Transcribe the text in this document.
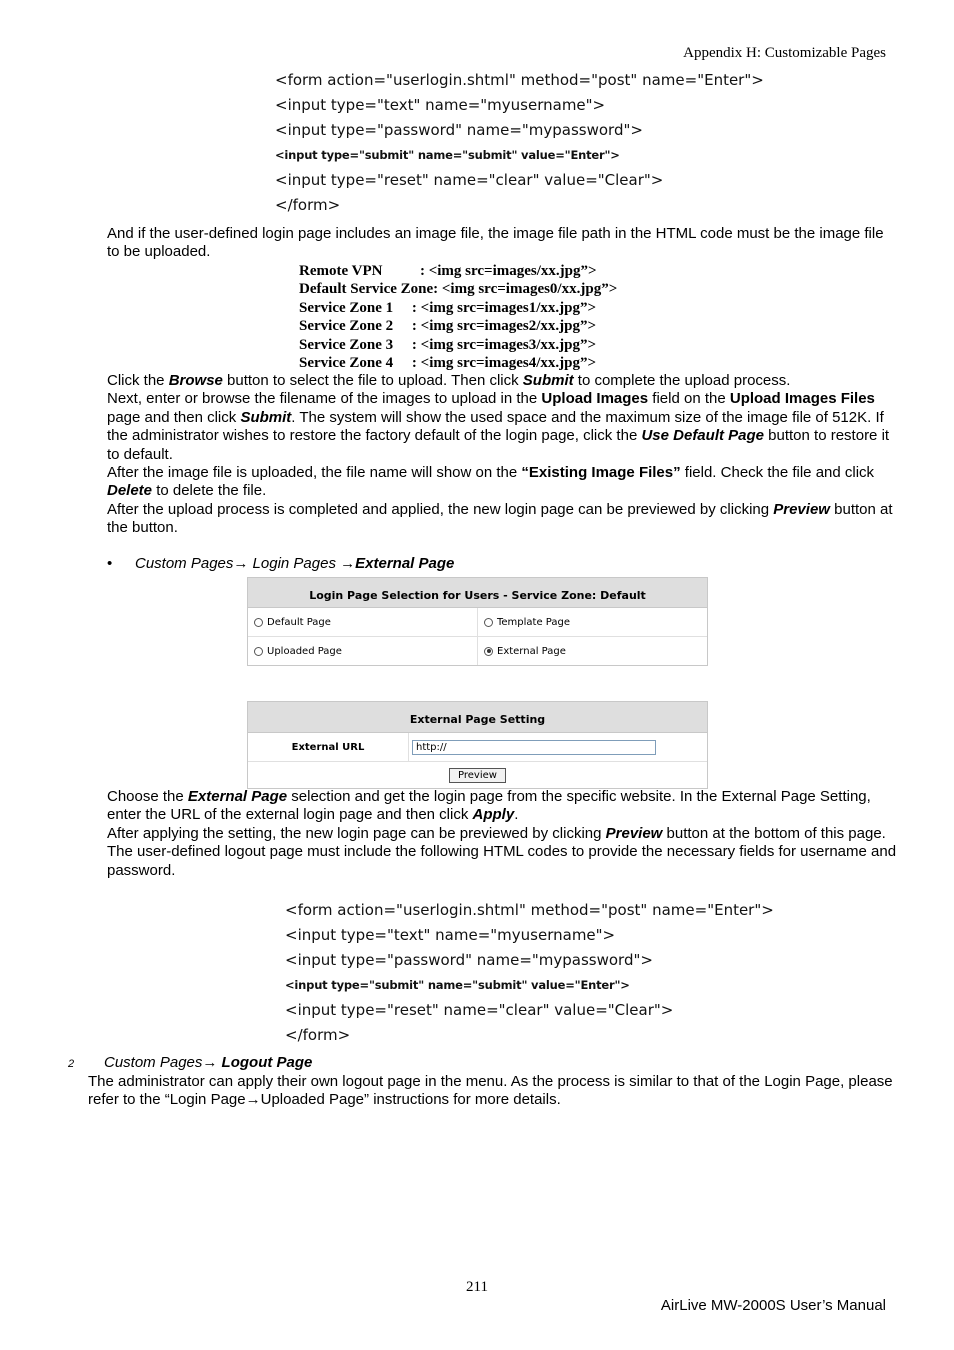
Appendix H: Customizable Pages
<form action="userlogin.shtml" method="post" name="Enter">
<input type="text" name="myusername">
<input type="password" name="mypassword">
<input type="submit" name="submit" value="Enter">
<input type="reset" name="clear" value="Clear">
</form>

And if the user-defined login page includes an image file, the image file path in the HTML code must be the image file to be uploaded.

Remote VPN          : <img src=images/xx.jpg”>
Default Service Zone: <img src=images0/xx.jpg”>
Service Zone 1     : <img src=images1/xx.jpg”>
Service Zone 2     : <img src=images2/xx.jpg”>
Service Zone 3     : <img src=images3/xx.jpg”>
Service Zone 4     : <img src=images4/xx.jpg”>

Click the Browse button to select the file to upload. Then click Submit to complete the upload process.

Next, enter or browse the filename of the images to upload in the Upload Images field on the Upload Images Files page and then click Submit. The system will show the used space and the maximum size of the image file of 512K. If the administrator wishes to restore the factory default of the login page, click the Use Default Page button to restore it to default.

After the image file is uploaded, the file name will show on the “Existing Image Files” field. Check the file and click Delete to delete the file.

After the upload process is completed and applied, the new login page can be previewed by clicking Preview button at the button.

• Custom Pages→ Login Pages →External Page
Login Page Selection for Users - Service Zone: Default
Default Page	Template Page
Uploaded Page	External Page
External Page Setting
External URL	http://
Preview

Choose the External Page selection and get the login page from the specific website. In the External Page Setting, enter the URL of the external login page and then click Apply.

After applying the setting, the new login page can be previewed by clicking Preview button at the bottom of this page.

The user-defined logout page must include the following HTML codes to provide the necessary fields for username and password.

<form action="userlogin.shtml" method="post" name="Enter">
<input type="text" name="myusername">
<input type="password" name="mypassword">
<input type="submit" name="submit" value="Enter">
<input type="reset" name="clear" value="Clear">
</form>
2 Custom Pages→ Logout Page
The administrator can apply their own logout page in the menu. As the process is similar to that of the Login Page, please refer to the “Login Page→Uploaded Page” instructions for more details.
211
AirLive MW-2000S User’s Manual
